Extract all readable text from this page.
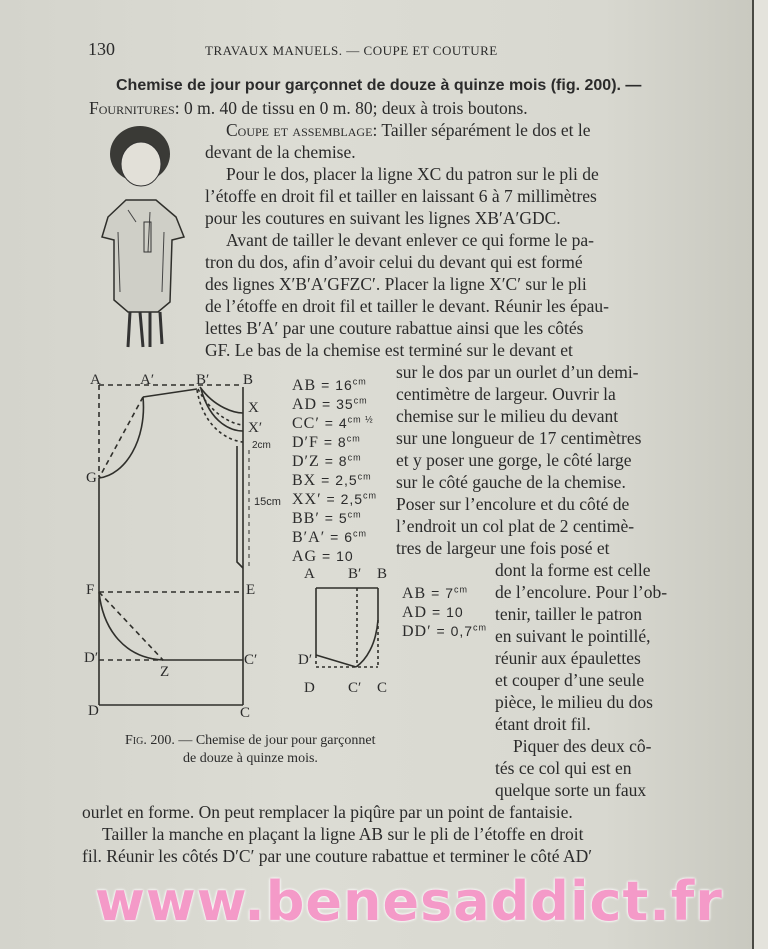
130	TRAVAUX MANUELS. — COUPE ET COUTURE
Chemise de jour pour garçonnet de douze à quinze mois (fig. 200). —
Fournitures: 0 m. 40 de tissu en 0 m. 80; deux à trois boutons.
Coupe et assemblage: Tailler séparément le dos et le
devant de la chemise.
Pour le dos, placer la ligne XC du patron sur le pli de
l’étoffe en droit fil et tailler en laissant 6 à 7 millimètres
pour les coutures en suivant les lignes XB′A′GDC.
Avant de tailler le devant enlever ce qui forme le pa-
tron du dos, afin d’avoir celui du devant qui est formé
des lignes X′B′A′GFZC′. Placer la ligne X′C′ sur le pli
de l’étoffe en droit fil et tailler le devant. Réunir les épau-
lettes B′A′ par une couture rabattue ainsi que les côtés
GF. Le bas de la chemise est terminé sur le devant et
sur le dos par un ourlet d’un demi-
centimètre de largeur. Ouvrir la
chemise sur le milieu du devant
sur une longueur de 17 centimètres
et y poser une gorge, le côté large
sur le côté gauche de la chemise.
Poser sur l’encolure et du côté de
l’endroit un col plat de 2 centimè-
tres de largeur une fois posé et
dont la forme est celle
de l’encolure. Pour l’ob-
tenir, tailler le patron
en suivant le pointillé,
réunir aux épaulettes
et couper d’une seule
pièce, le milieu du dos
étant droit fil.
Piquer des deux cô-
tés ce col qui est en
quelque sorte un faux
ourlet en forme. On peut remplacer la piqûre par un point de fantaisie.
Tailler la manche en plaçant la ligne AB sur le pli de l’étoffe en droit
fil. Réunir les côtés D′C′ par une couture rabattue et terminer le côté AD′
A	A′	B′ B
X
X′
2cm
15cm
G
F	E
D′
Z
C′
D	C
AB = $16^{cm}$
AD = $35^{cm}$
$CC' = 4^{cm \frac{1}{2}}$
$D'F = 8^{cm}$
$D'Z = 8^{cm}$
BX = $2,5^{cm}$
$XX' = 2,5^{cm}$
$BB' = 5^{cm}$
$B'A' = 6^{cm}$
AG = 10
A B′ B
D′
D C′ C
AB = $7^{cm}$
AD = 10
$DD' = 0,7^{cm}$
Fig. 200. — Chemise de jour pour garçonnet
de douze à quinze mois.
www.benesaddict.fr
